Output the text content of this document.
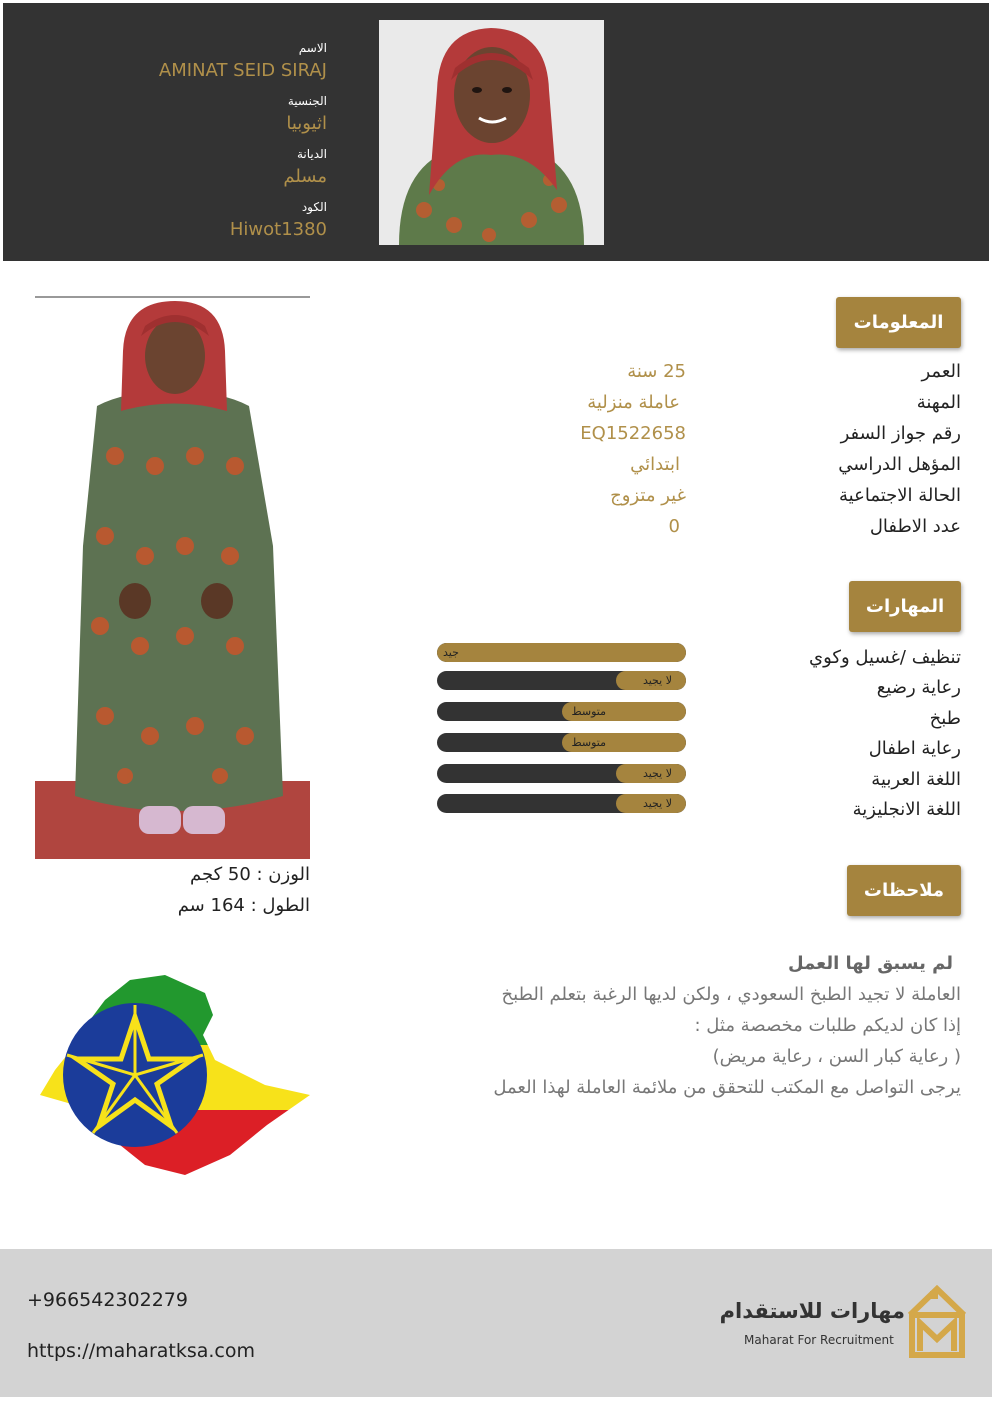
الاسم
AMINAT SEID SIRAJ
الجنسية
اثيوبيا
الديانة
مسلم
الكود
Hiwot1380
الوزن : 50 كجم
الطول : 164 سم
المعلومات
العمر
25 سنة
المهنة
عاملة منزلية
رقم جواز السفر
EQ1522658
المؤهل الدراسي
ابتدائي
الحالة الاجتماعية
غير متزوج
عدد الاطفال
0
المهارات
تنظيف /غسيل وكوي
جيد
رعاية رضيع
لا يجيد
طبخ
متوسط
رعاية اطفال
متوسط
اللغة العربية
لا يجيد
اللغة الانجليزية
لا يجيد
ملاحظات

لم يسبق لها العمل

العاملة لا تجيد الطبخ السعودي ، ولكن لديها الرغبة بتعلم الطبخ

إذا كان لديكم طلبات مخصصة مثل :

( رعاية كبار السن ، رعاية مريض)

يرجى التواصل مع المكتب للتحقق من ملائمة العاملة لهذا العمل

+966542302279
https://maharatksa.com
مهارات للاستقدام
Maharat For Recruitment
